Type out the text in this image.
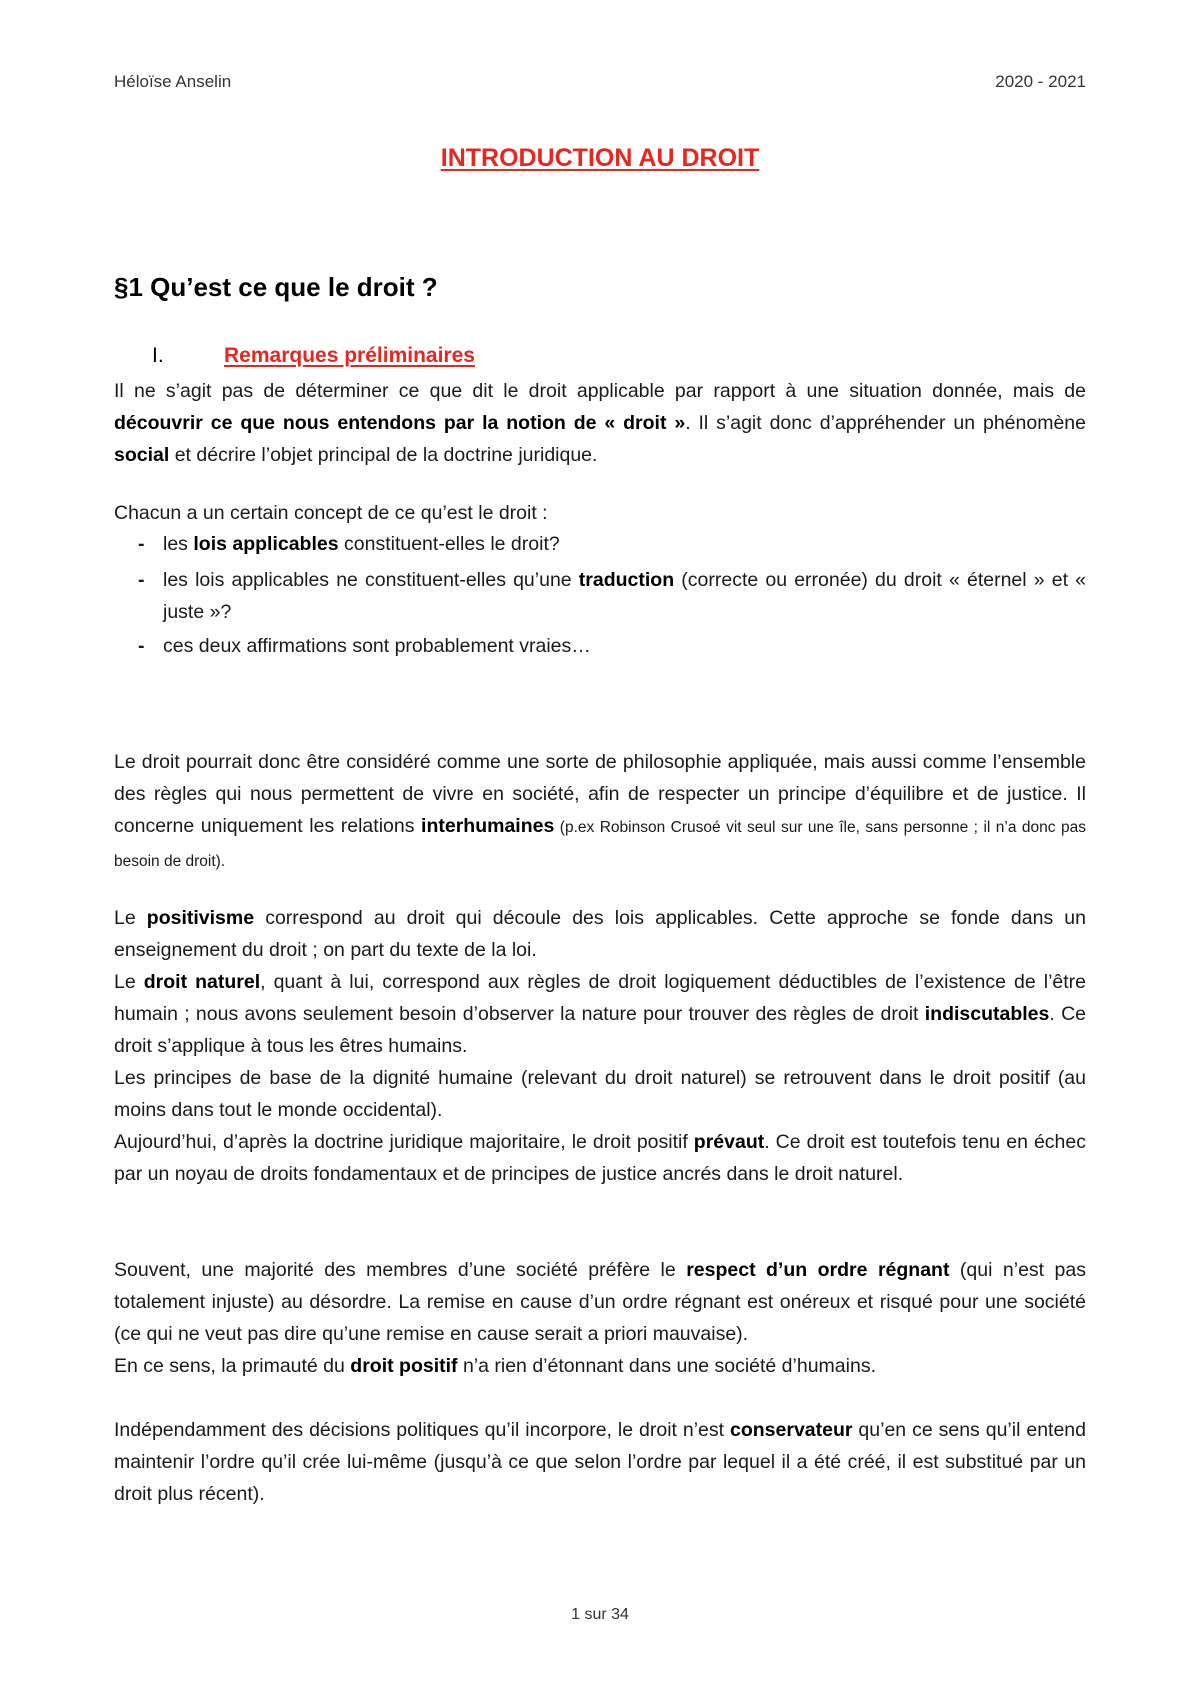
Héloïse Anselin	2020 - 2021
INTRODUCTION AU DROIT
§1 Qu’est ce que le droit ?
I.	Remarques préliminaires
Il ne s’agit pas de déterminer ce que dit le droit applicable par rapport à une situation donnée, mais de découvrir ce que nous entendons par la notion de « droit ». Il s’agit donc d’appréhender un phénomène social et décrire l’objet principal de la doctrine juridique.
Chacun a un certain concept de ce qu’est le droit :
- les lois applicables constituent-elles le droit?
- les lois applicables ne constituent-elles qu’une traduction (correcte ou erronée) du droit « éternel » et « juste »?
- ces deux affirmations sont probablement vraies…
Le droit pourrait donc être considéré comme une sorte de philosophie appliquée, mais aussi comme l’ensemble des règles qui nous permettent de vivre en société, afin de respecter un principe d’équilibre et de justice. Il concerne uniquement les relations interhumaines (p.ex Robinson Crusoé vit seul sur une île, sans personne ; il n’a donc pas besoin de droit).
Le positivisme correspond au droit qui découle des lois applicables. Cette approche se fonde dans un enseignement du droit ; on part du texte de la loi.
Le droit naturel, quant à lui, correspond aux règles de droit logiquement déductibles de l’existence de l’être humain ; nous avons seulement besoin d’observer la nature pour trouver des règles de droit indiscutables. Ce droit s’applique à tous les êtres humains.
Les principes de base de la dignité humaine (relevant du droit naturel) se retrouvent dans le droit positif (au moins dans tout le monde occidental).
Aujourd’hui, d’après la doctrine juridique majoritaire, le droit positif prévaut. Ce droit est toutefois tenu en échec par un noyau de droits fondamentaux et de principes de justice ancrés dans le droit naturel.
Souvent, une majorité des membres d’une société préfère le respect d’un ordre régnant (qui n’est pas totalement injuste) au désordre. La remise en cause d’un ordre régnant est onéreux et risqué pour une société (ce qui ne veut pas dire qu’une remise en cause serait a priori mauvaise).
En ce sens, la primauté du droit positif n’a rien d’étonnant dans une société d’humains.
Indépendamment des décisions politiques qu’il incorpore, le droit n’est conservateur qu’en ce sens qu’il entend maintenir l’ordre qu’il crée lui-même (jusqu’à ce que selon l’ordre par lequel il a été créé, il est substitué par un droit plus récent).
1 sur 34
